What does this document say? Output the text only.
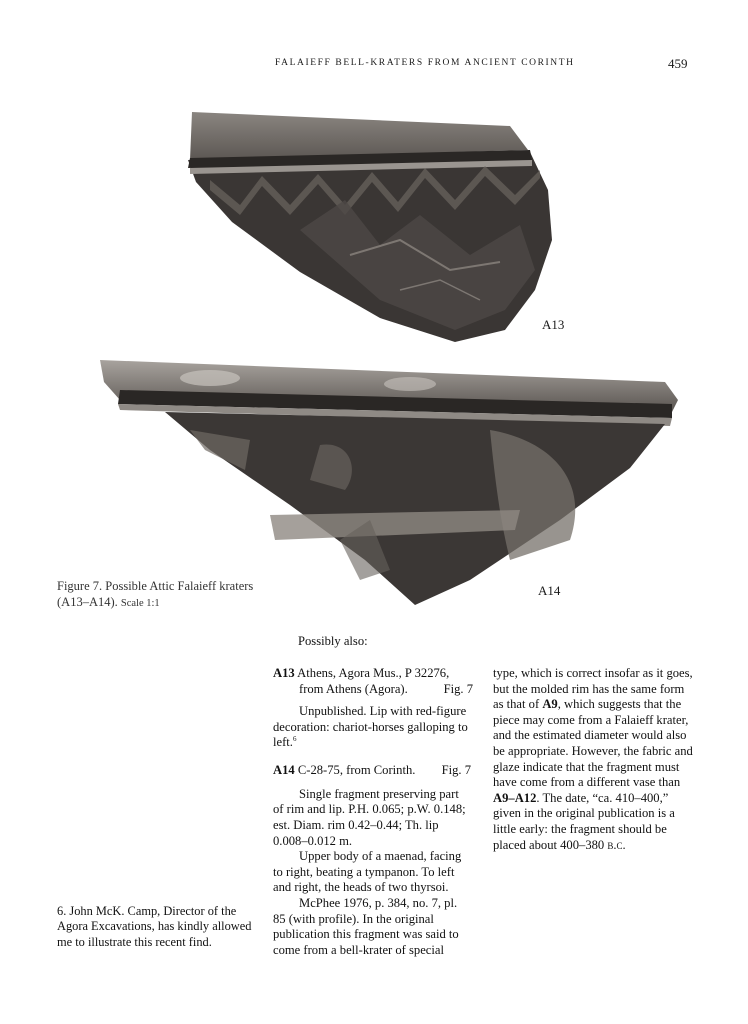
FALAIEFF BELL-KRATERS FROM ANCIENT CORINTH	459
A13
A14
Figure 7. Possible Attic Falaieff kraters (A13–A14). Scale 1:1
Possibly also:
A13 Athens, Agora Mus., P 32276,
from Athens (Agora).	Fig. 7

Unpublished. Lip with red-figure decoration: chariot-horses galloping to left.$^6$

A14 C-28-75, from Corinth. Fig. 7

Single fragment preserving part of rim and lip. P.H. 0.065; p.W. 0.148; est. Diam. rim 0.42–0.44; Th. lip 0.008–0.012 m.

Upper body of a maenad, facing to right, beating a tympanon. To left and right, the heads of two thyrsoi.

McPhee 1976, p. 384, no. 7, pl. 85 (with profile). In the original publication this fragment was said to come from a bell-krater of special

type, which is correct insofar as it goes, but the molded rim has the same form as that of A9, which suggests that the piece may come from a Falaieff krater, and the estimated diameter would also be appropriate. However, the fabric and glaze indicate that the fragment must have come from a different vase than A9–A12. The date, “ca. 410–400,” given in the original publication is a little early: the fragment should be placed about 400–380 b.c.
6. John McK. Camp, Director of the Agora Excavations, has kindly allowed me to illustrate this recent find.
